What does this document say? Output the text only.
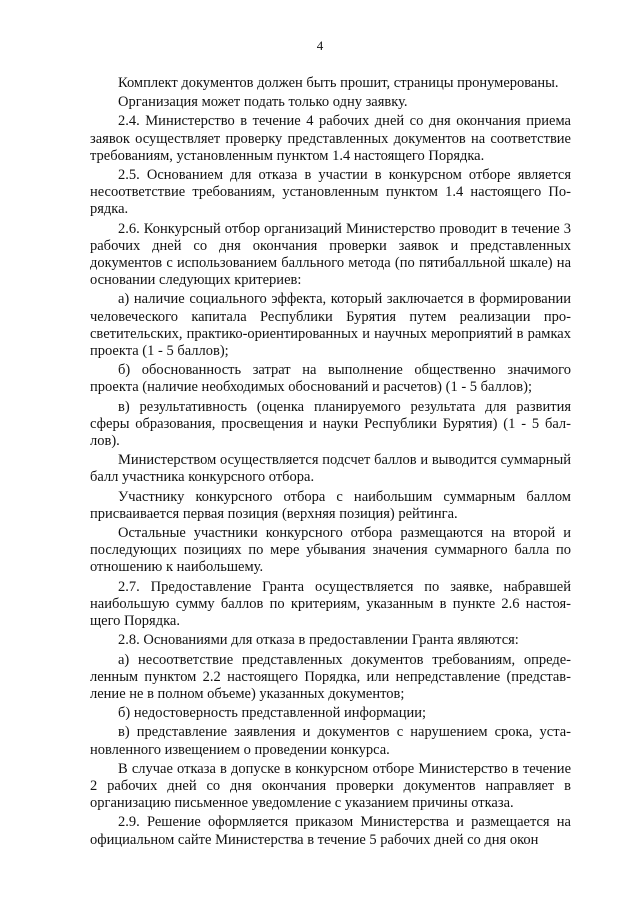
4

Комплект документов должен быть прошит, страницы пронумерованы.

Организация может подать только одну заявку.

2.4. Министерство в течение 4 рабочих дней со дня окончания приема заявок осуществляет проверку представленных документов на соответствие требованиям, установленным пунктом 1.4 настоящего Порядка.

2.5. Основанием для отказа в участии в конкурсном отборе является несоответствие требованиям, установленным пунктом 1.4 настоящего Порядка.

2.6. Конкурсный отбор организаций Министерство проводит в течение 3 рабочих дней со дня окончания проверки заявок и представленных документов с использованием балльного метода (по пятибалльной шкале) на основании следующих критериев:

а) наличие социального эффекта, который заключается в формировании человеческого капитала Республики Бурятия путем реализации просветительских, практико-ориентированных и научных мероприятий в рамках проекта (1 - 5 баллов);

б) обоснованность затрат на выполнение общественно значимого проекта (наличие необходимых обоснований и расчетов) (1 - 5 баллов);

в) результативность (оценка планируемого результата для развития сферы образования, просвещения и науки Республики Бурятия) (1 - 5 баллов).

Министерством осуществляется подсчет баллов и выводится суммарный балл участника конкурсного отбора.

Участнику конкурсного отбора с наибольшим суммарным баллом присваивается первая позиция (верхняя позиция) рейтинга.

Остальные участники конкурсного отбора размещаются на второй и последующих позициях по мере убывания значения суммарного балла по отношению к наибольшему.

2.7. Предоставление Гранта осуществляется по заявке, набравшей наибольшую сумму баллов по критериям, указанным в пункте 2.6 настоящего Порядка.

2.8. Основаниями для отказа в предоставлении Гранта являются:

а) несоответствие представленных документов требованиям, определенным пунктом 2.2 настоящего Порядка, или непредставление (представление не в полном объеме) указанных документов;

б) недостоверность представленной информации;

в) представление заявления и документов с нарушением срока, установленного извещением о проведении конкурса.

В случае отказа в допуске в конкурсном отборе Министерство в течение 2 рабочих дней со дня окончания проверки документов направляет в организацию письменное уведомление с указанием причины отказа.

2.9. Решение оформляется приказом Министерства и размещается на официальном сайте Министерства в течение 5 рабочих дней со дня окон
